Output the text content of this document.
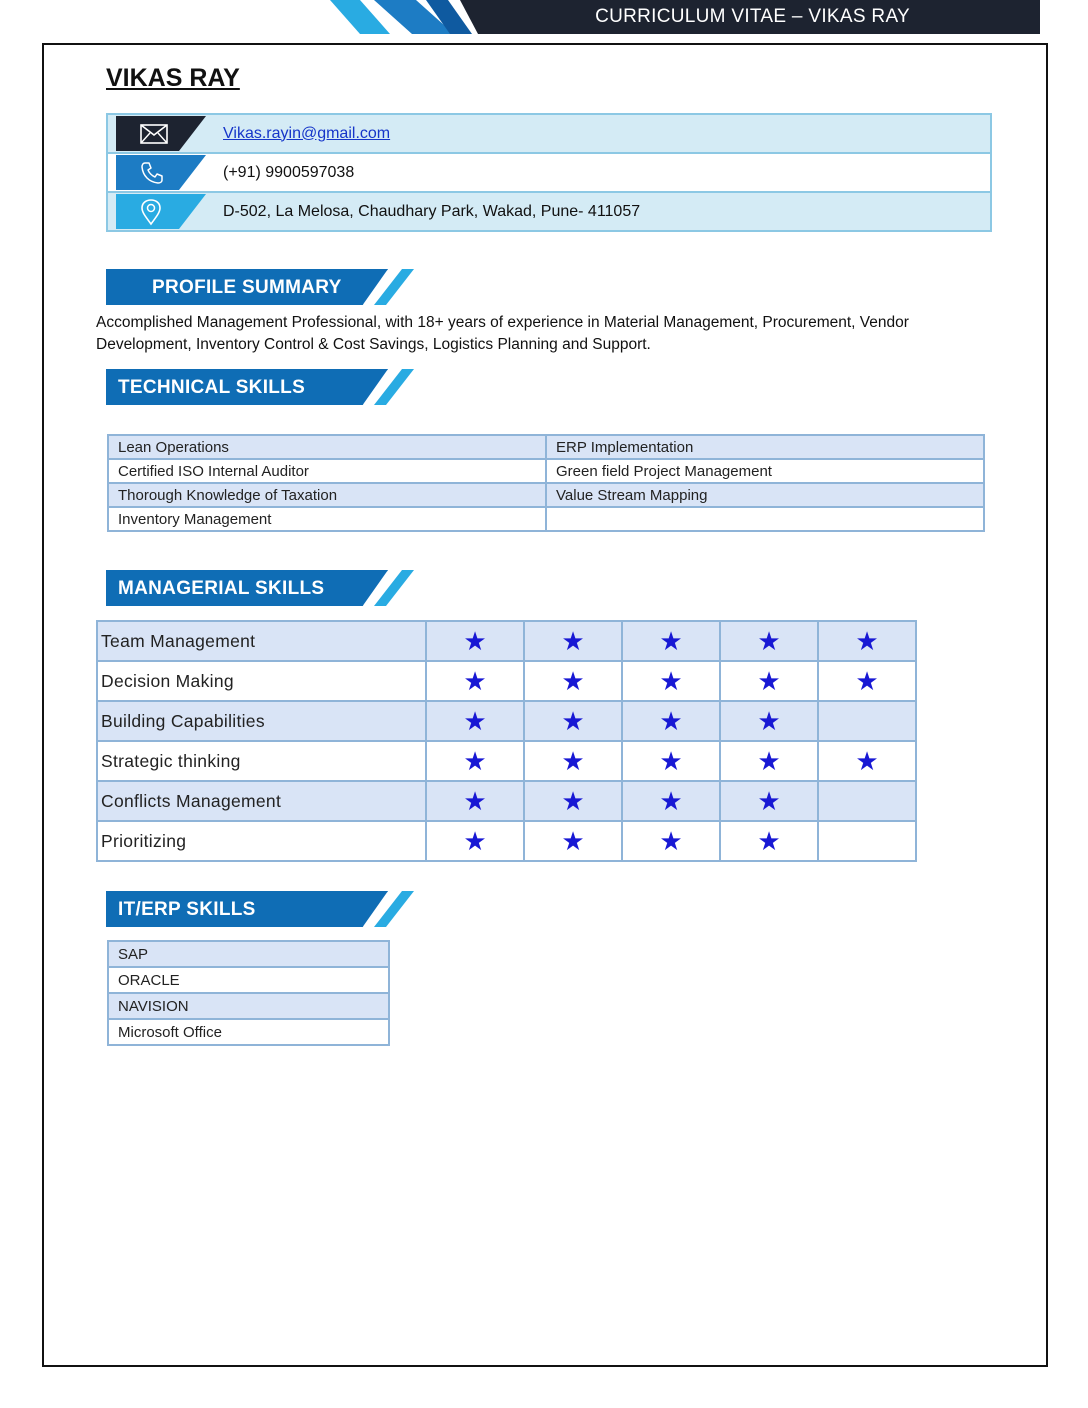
CURRICULUM VITAE – VIKAS RAY
VIKAS RAY
Vikas.rayin@gmail.com
(+91) 9900597038
D-502, La Melosa, Chaudhary Park, Wakad, Pune- 411057
PROFILE SUMMARY
Accomplished Management Professional, with 18+ years of experience in Material Management, Procurement, Vendor Development, Inventory Control & Cost Savings, Logistics Planning and Support.
TECHNICAL SKILLS
Lean Operations	ERP Implementation
Certified ISO Internal Auditor	Green field Project Management
Thorough Knowledge of Taxation	Value Stream Mapping
Inventory Management	
MANAGERIAL SKILLS
Team Management	★	★	★	★	★
Decision Making	★	★	★	★	★
Building Capabilities	★	★	★	★	
Strategic thinking	★	★	★	★	★
Conflicts Management	★	★	★	★	
Prioritizing	★	★	★	★	
IT/ERP SKILLS
SAP
ORACLE
NAVISION
Microsoft Office
